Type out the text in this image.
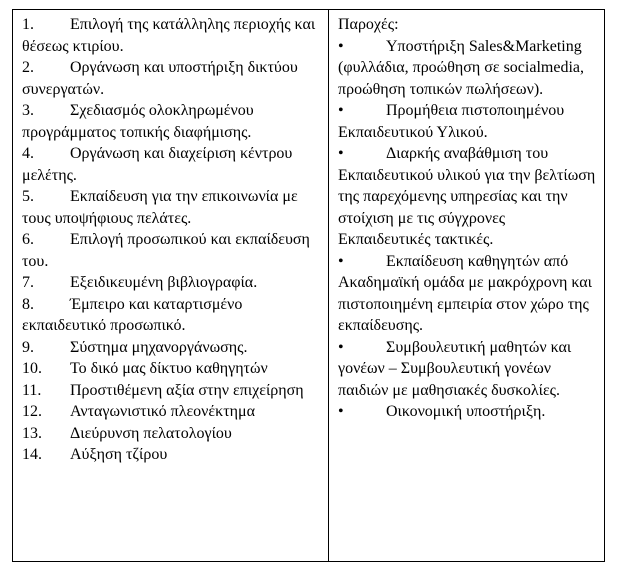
1. Επιλογή της κατάλληλης περιοχής και θέσεως κτιρίου.
2. Οργάνωση και υποστήριξη δικτύου συνεργατών.
3. Σχεδιασμός ολοκληρωμένου προγράμματος τοπικής διαφήμισης.
4. Οργάνωση και διαχείριση κέντρου μελέτης.
5. Εκπαίδευση για την επικοινωνία με τους υποψήφιους πελάτες.
6. Επιλογή προσωπικού και εκπαίδευση του.
7. Εξειδικευμένη βιβλιογραφία.
8. Έμπειρο και καταρτισμένο εκπαιδευτικό προσωπικό.
9. Σύστημα μηχανοργάνωσης.
10. Το δικό μας δίκτυο καθηγητών
11. Προστιθέμενη αξία στην επιχείρηση
12. Ανταγωνιστικό πλεονέκτημα
13. Διεύρυνση πελατολογίου
14. Αύξηση τζίρου

Παροχές:

•	Υποστήριξη Sales&Marketing (φυλλάδια, προώθηση σε socialmedia, προώθηση τοπικών πωλήσεων).
•	Προμήθεια πιστοποιημένου Εκπαιδευτικού Υλικού.
•	Διαρκής αναβάθμιση του Εκπαιδευτικού υλικού για την βελτίωση της παρεχόμενης υπηρεσίας και την στοίχιση με τις σύγχρονες Εκπαιδευτικές τακτικές.
•	Εκπαίδευση καθηγητών από Ακαδημαϊκή ομάδα με μακρόχρονη και πιστοποιημένη εμπειρία στον χώρο της εκπαίδευσης.
•	Συμβουλευτική μαθητών και γονέων – Συμβουλευτική γονέων παιδιών με μαθησιακές δυσκολίες.
•	Οικονομική υποστήριξη.
